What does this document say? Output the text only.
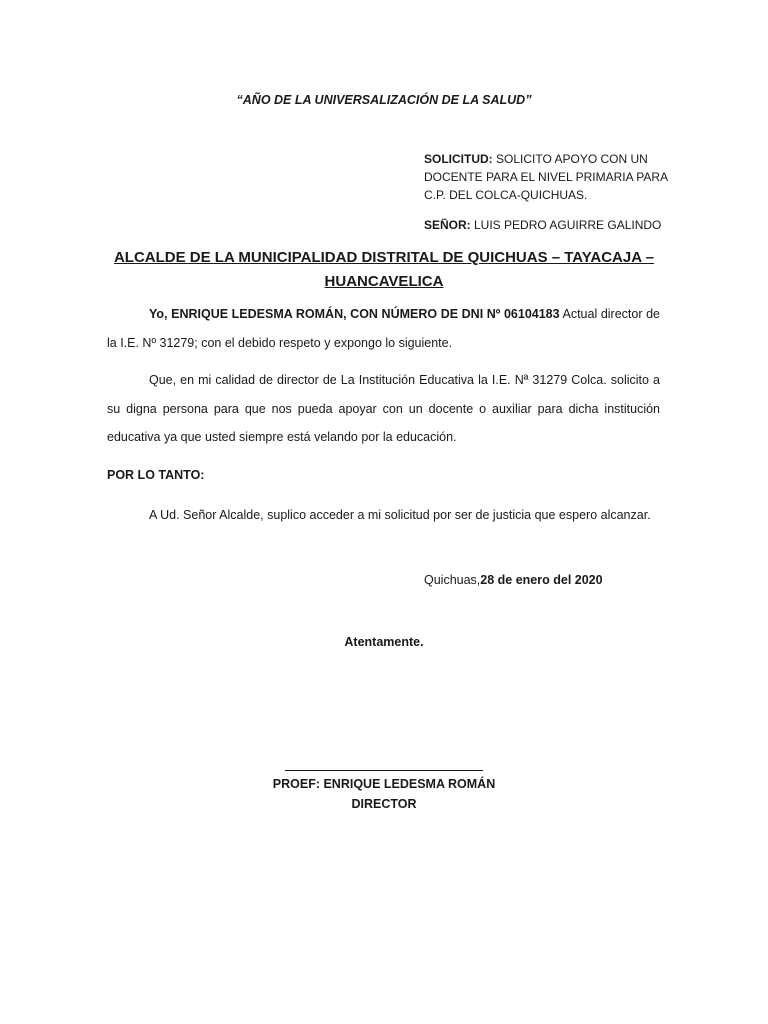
“AÑO DE LA UNIVERSALIZACIÓN DE LA SALUD”
SOLICITUD: SOLICITO APOYO CON UN DOCENTE PARA EL NIVEL PRIMARIA PARA C.P. DEL COLCA-QUICHUAS.
SEÑOR: LUIS PEDRO AGUIRRE GALINDO
ALCALDE DE LA MUNICIPALIDAD DISTRITAL DE QUICHUAS – TAYACAJA – HUANCAVELICA
Yo, ENRIQUE LEDESMA ROMÁN, CON NÚMERO DE DNI Nº 06104183 Actual director de la I.E. Nº 31279; con el debido respeto y expongo lo siguiente.
Que, en mi calidad de director de La Institución Educativa la I.E. Nª 31279 Colca. solicito a su digna persona para que nos pueda apoyar con un docente o auxiliar para dicha institución educativa ya que usted siempre está velando por la educación.
POR LO TANTO:
A Ud. Señor Alcalde, suplico acceder a mi solicitud por ser de justicia que espero alcanzar.
Quichuas,28 de enero del 2020
Atentamente.
PROEF: ENRIQUE LEDESMA ROMÁN
DIRECTOR
